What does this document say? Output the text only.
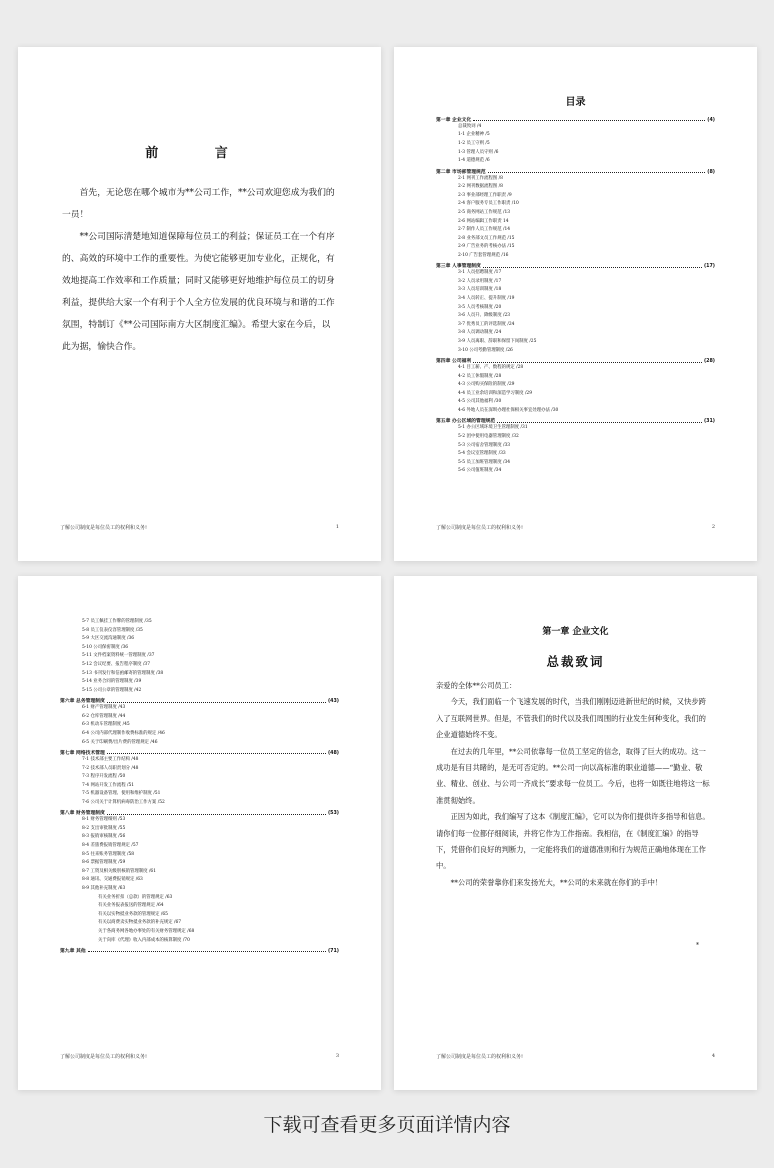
前 言

首先，无论您在哪个城市为**公司工作，**公司欢迎您成为我们的一员！

**公司国际清楚地知道保障每位员工的利益；保证员工在一个有序的、高效的环境中工作的重要性。为使它能够更加专业化，正规化，有效地提高工作效率和工作质量；同时又能够更好地维护每位员工的切身利益，提供给大家一个有利于个人全方位发展的优良环境与和谐的工作氛围，特制订《**公司国际南方大区制度汇编》。希望大家在今后，以此为据，愉快合作。

了解公司制度是每位员工的权利和义务!	1
目录
第一章 企业文化	(4)
总裁致词 /4
1-1 企业精神 /5
1-2 员工守则 /5
1-3 管理人员守则 /6
1-4 道德规范 /6
第二章 市场部管理规范	(8)
2-1 网刊工作流程图 /8
2-2 网刊数据流程图 /8
2-3 事业部经理工作职责 /9
2-4 客户服务专员工作职责 /10
2-5 商务网站工作规范 /13
2-6 网站编辑工作职责 14
2-7 制作人员工作规范 /14
2-8 业务部文员工作规范 /15
2-9 广告业务的考核办法 /15
2-10 广告套管理规范 /16
第三章 人事管理制度	(17)
3-1 人员招聘制度 /17
3-2 人员录用制度 /17
3-3 人员培训制度 /18
3-4 人员转正、提升制度 /19
3-5 人员考核制度 /20
3-6 人员升、降级制度 /23
3-7 优秀员工的评选制度 /24
3-8 人员调动制度 /24
3-9 人员离职、辞职和保留下岗制度 /25
3-10 公司考勤管理制度 /26
第四章 公司福利	(28)
4-1 目工薪、产、数程的规定 /28
4-2 员工休假制度 /28
4-3 公司购买保险的制度 /29
4-4 员工业余培训和深造学习制度 /29
4-5 公司其他福利 /30
4-6 外地人员在深圳办理社保相关事宜处理办法 /30
第五章 办公区域的管理规范	(31)
5-1 办公区域环境卫生管理制度 /31
5-2 团中使用电器管理制度 /32
5-3 公司宿舍管理制度 /33
5-4 会议室管理制度 /33
5-5 员工加班管理制度 /34
5-6 公司值班制度 /34
了解公司制度是每位员工的权利和义务!	2
5-7 员工佩挂工作牌的管理制度 /35
5-8 员工仪表仪容管理制度 /35
5-9 大区交流沟通制度 /36
5-10 公司保密制度 /36
5-11 文件档案资料统一管理制度 /37
5-12 会议纪要、报告程序制度 /37
5-13 书刊发行和信函邮寄的管理制度 /38
5-14 业务合同的管理制度 /39
5-15 公司公章的管理制度 /42
第六章 总务管理制度	(43)
6-1 财产管理制度 /43
6-2 仓库管理制度 /44
6-3 机动车管理制度 /45
6-4 公司内部代理制作收费标准的规定 /46
6-5 关于印刷费/出片费的管理规定 /46
第七章 网络技术管理	(48)
7-1 技术部主要工作结构 /48
7-2 技术部人员职责划分 /48
7-3 程序开发流程 /50
7-4 网站开发工作流程 /51
7-5 机器设备管理、使用和维护制度 /51
7-6 公司关于计算机病毒防治工作方案 /52
第八章 财务管理制度	(53)
8-1 财务管理细则 /53
8-2 支出审批制度 /55
8-3 报销审核制度 /56
8-4 差旅费报销管理规定 /57
8-5 往来账务管理制度 /58
8-6 票据管理制度 /59
8-7 工资及相关级别核销管理制度 /61
8-8 通讯、交通费报销规定 /63
8-9 其他补充制度 /63
有关业务折扣（总款）的管理规定 /63
有关业务报表报送的管理规定 /64
有关以实物抵业务款的管理规定 /65
有关以商费卖实物抵业务款的补充规定 /67
关于各商务网各地办事处的有关财务管理规定 /68
关于向库《代理》收入内部成本的核算制度 /70
第九章 其他	(71)
了解公司制度是每位员工的权利和义务!	3
第一章 企业文化
总裁致词

亲爱的全体**公司员工：

今天，我们面临一个飞速发展的时代，当我们刚刚迈进新世纪的时候，又快步跨入了互联网世界。但是，不管我们的时代以及我们周围的行业发生何种变化，我们的企业道德始终不变。

在过去的几年里，**公司依靠每一位员工坚定的信念，取得了巨大的成功。这一成功是有目共睹的，是无可否定的。**公司一向以高标准的职业道德——“勤业、敬业、精业、创业、与公司一齐成长”要求每一位员工。今后，也将一如既往地将这一标准贯彻始终。

正因为如此，我们编写了这本《制度汇编》，它可以为你们提供许多指导和信息。请你们每一位都仔细阅读，并将它作为工作指南。我相信，在《制度汇编》的指导下，凭借你们良好的判断力，一定能将我们的道德准则和行为规范正确地体现在工作中。

**公司的荣誉靠你们来发扬光大，**公司的未来就在你们的手中！

*
了解公司制度是每位员工的权利和义务!	4
下载可查看更多页面详情内容
